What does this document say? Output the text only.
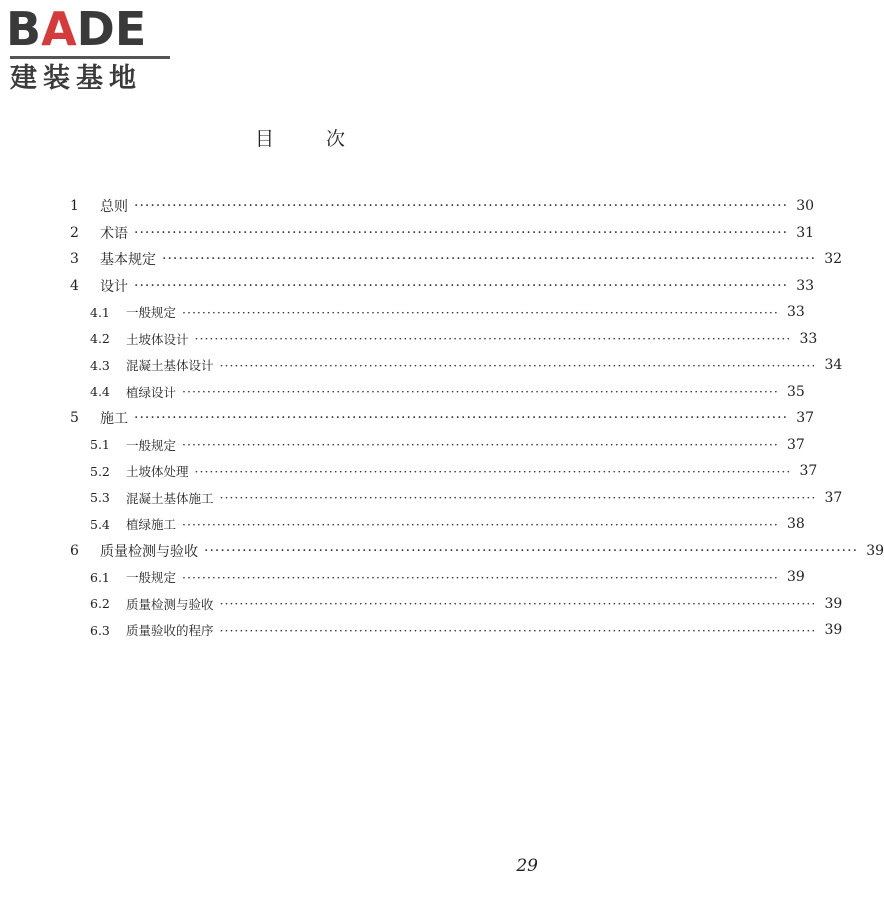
B A DE
建装基地
目	次
1	总则 ························································································································ 30
2	术语 ························································································································ 31
3	基本规定 ························································································································ 32
4	设计 ························································································································ 33
4.1	一般规定 ························································································································ 33
4.2	土坡体设计 ························································································································ 33
4.3	混凝土基体设计 ························································································································ 34
4.4	植绿设计 ························································································································ 35
5	施工 ························································································································ 37
5.1	一般规定 ························································································································ 37
5.2	土坡体处理 ························································································································ 37
5.3	混凝土基体施工 ························································································································ 37
5.4	植绿施工 ························································································································ 38
6	质量检测与验收 ························································································································ 39
6.1	一般规定 ························································································································ 39
6.2	质量检测与验收 ························································································································ 39
6.3	质量验收的程序 ························································································································ 39
29
